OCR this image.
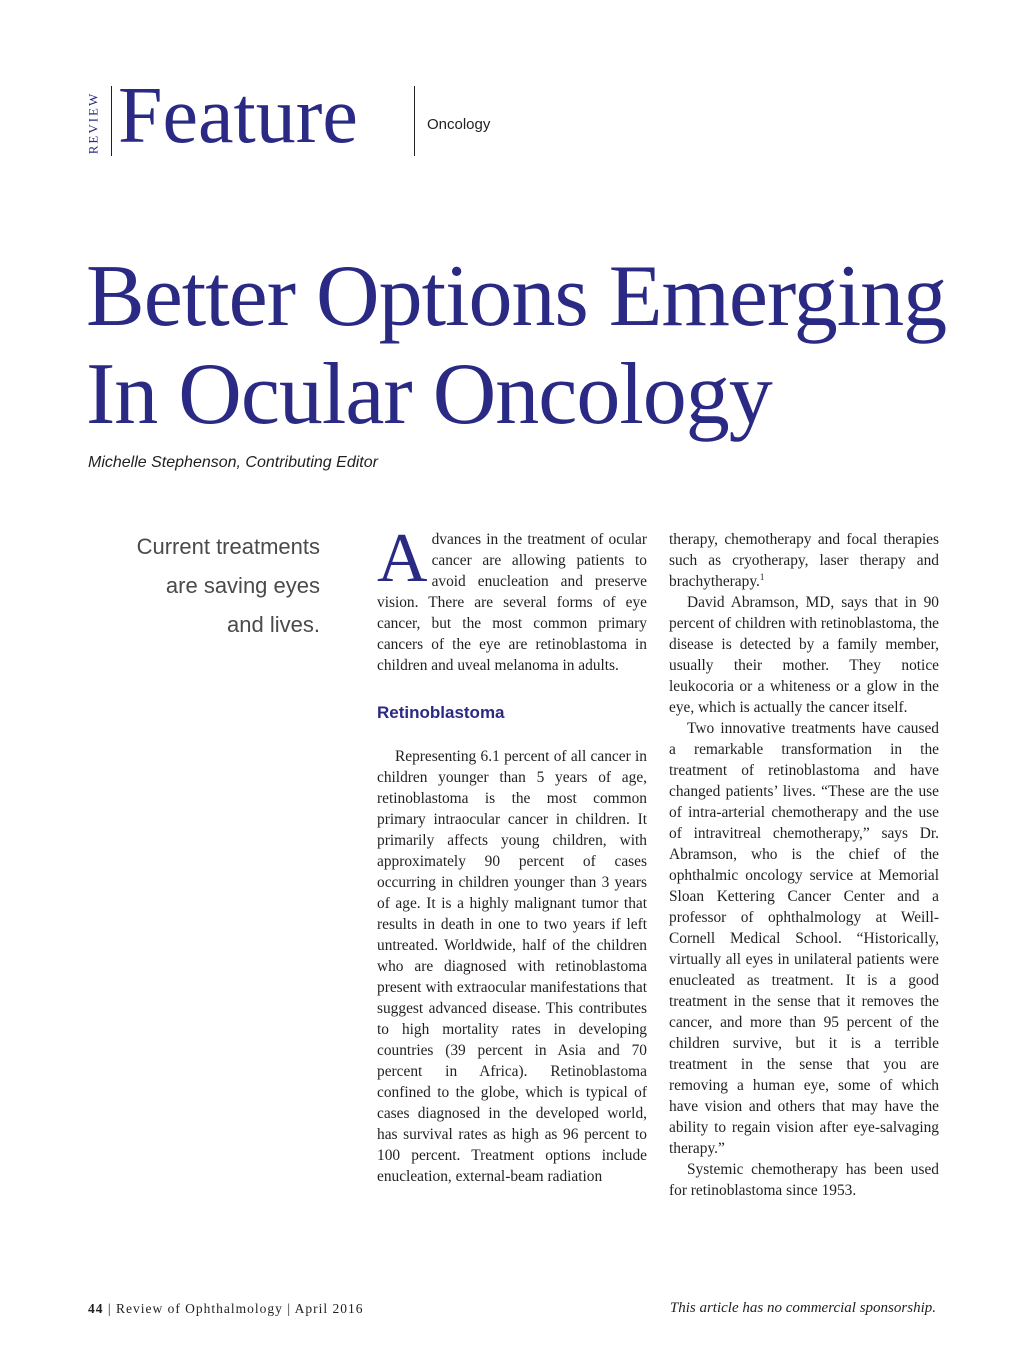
REVIEW Feature	Oncology
Better Options Emerging
In Ocular Oncology
Michelle Stephenson, Contributing Editor
Current treatments
are saving eyes
and lives.

Advances in the treatment of ocular cancer are allowing patients to avoid enucleation and preserve vision. There are several forms of eye cancer, but the most common primary cancers of the eye are retinoblastoma in children and uveal melanoma in adults.

Retinoblastoma

Representing 6.1 percent of all cancer in children younger than 5 years of age, retinoblastoma is the most common primary intraocular cancer in children. It primarily affects young children, with approximately 90 percent of cases occurring in children younger than 3 years of age. It is a highly malignant tumor that results in death in one to two years if left untreated. Worldwide, half of the children who are diagnosed with retinoblastoma present with extraocular manifestations that suggest advanced disease. This contributes to high mortality rates in developing countries (39 percent in Asia and 70 percent in Africa). Retinoblastoma confined to the globe, which is typical of cases diagnosed in the developed world, has survival rates as high as 96 percent to 100 percent. Treatment options include enucleation, external-beam radiation

therapy, chemotherapy and focal therapies such as cryotherapy, laser therapy and brachytherapy.$^1$

David Abramson, MD, says that in 90 percent of children with retinoblastoma, the disease is detected by a family member, usually their mother. They notice leukocoria or a whiteness or a glow in the eye, which is actually the cancer itself.

Two innovative treatments have caused a remarkable transformation in the treatment of retinoblastoma and have changed patients’ lives. “These are the use of intra-arterial chemotherapy and the use of intravitreal chemotherapy,” says Dr. Abramson, who is the chief of the ophthalmic oncology service at Memorial Sloan Kettering Cancer Center and a professor of ophthalmology at Weill-Cornell Medical School. “Historically, virtually all eyes in unilateral patients were enucleated as treatment. It is a good treatment in the sense that it removes the cancer, and more than 95 percent of the children survive, but it is a terrible treatment in the sense that you are removing a human eye, some of which have vision and others that may have the ability to regain vision after eye-salvaging therapy.”

Systemic chemotherapy has been used for retinoblastoma since 1953.

44 | Review of Ophthalmology | April 2016	This article has no commercial sponsorship.
